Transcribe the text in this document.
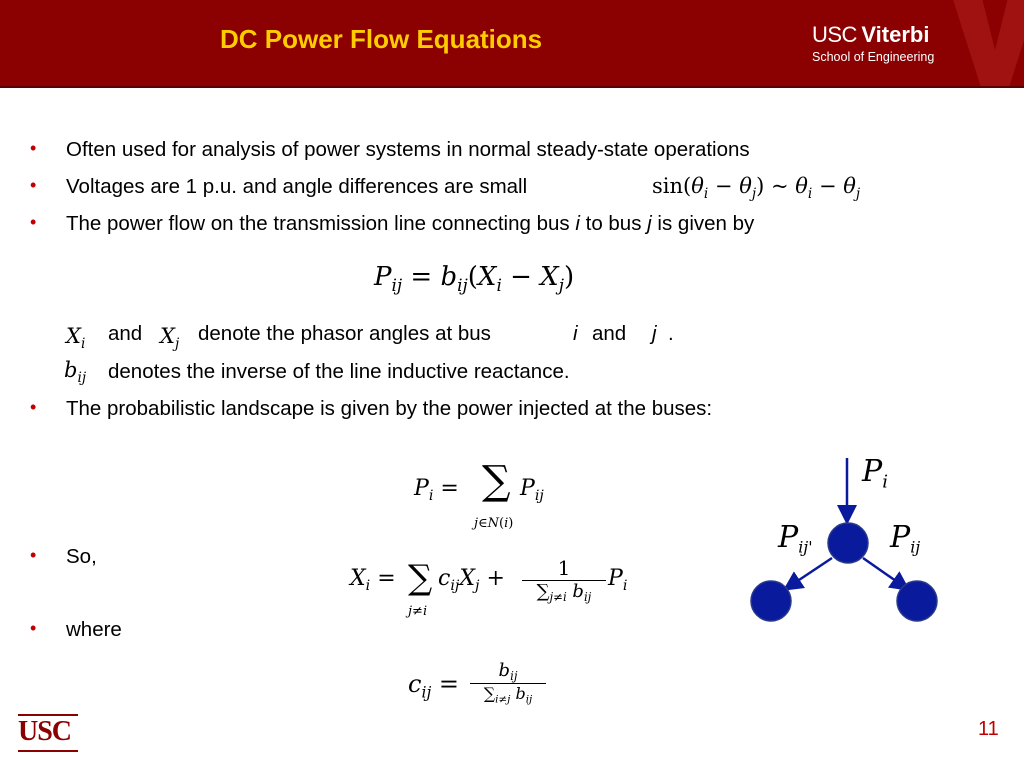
DC Power Flow Equations	USC Viterbi
School of Engineering
• Often used for analysis of power systems in normal steady-state operations
• Voltages are 1 p.u. and angle differences are small	$\sin(\theta_i - \theta_j)$ ~ $\theta_i - \theta_j$
• The power flow on the transmission line connecting bus i to bus j is given by
$P_{ij} = b_{ij}(X_i - X_j)$
$X_i$ and $X_j$ denote the phasor angles at bus	i and j .
$b_{ij}$ denotes the inverse of the line inductive reactance.
• The probabilistic landscape is given by the power injected at the buses:
$P_i$ = ∑ $P_{ij}$
j∈N(i)
• So,
$X_i$ = ∑
j≠i
$c_{ij}X_j$ +	1
$\sum_{j\ne i}$ $b_{ij}$
$P_i$
• where
$c_{ij}$ =	$b_{ij}$
$\sum_{i\ne j}$ $b_{ij}$
$P_i$
$P_{ij'}$	$P_{ij}$
USC	11
